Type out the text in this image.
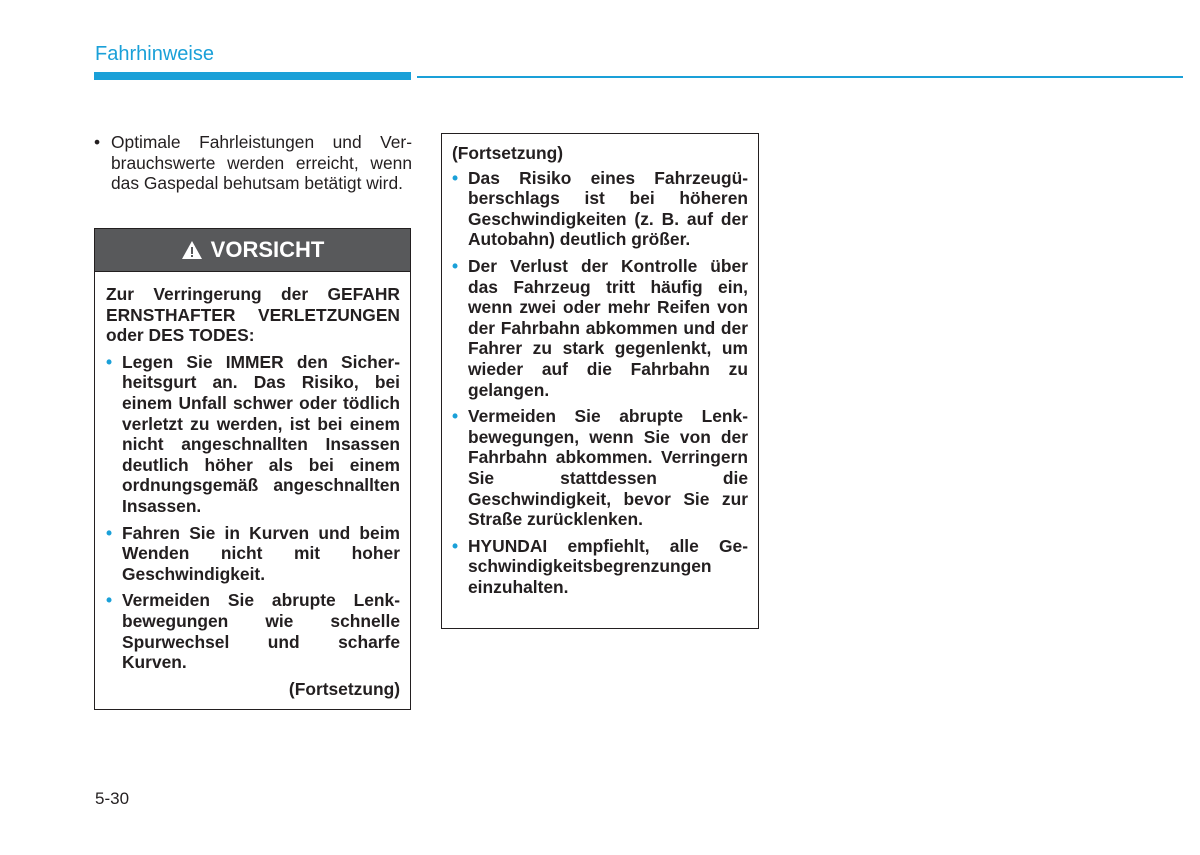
Fahrhinweise
• Optimale Fahrleistungen und Verbrauchswerte werden erreicht, wenn das Gaspedal behutsam betätigt wird.
VORSICHT
Zur Verringerung der GEFAHR ERNSTHAFTER VERLETZUNGEN oder DES TODES:
• Legen Sie IMMER den Sicherheitsgurt an. Das Risiko, bei einem Unfall schwer oder tödlich verletzt zu werden, ist bei einem nicht angeschnallten Insassen deutlich höher als bei einem ordnungsgemäß angeschnallten Insassen.
• Fahren Sie in Kurven und beim Wenden nicht mit hoher Geschwindigkeit.
• Vermeiden Sie abrupte Lenkbewegungen wie schnelle Spurwechsel und scharfe Kurven.
(Fortsetzung)
(Fortsetzung)
• Das Risiko eines Fahrzeugüberschlags ist bei höheren Geschwindigkeiten (z. B. auf der Autobahn) deutlich größer.
• Der Verlust der Kontrolle über das Fahrzeug tritt häufig ein, wenn zwei oder mehr Reifen von der Fahrbahn abkommen und der Fahrer zu stark gegenlenkt, um wieder auf die Fahrbahn zu gelangen.
• Vermeiden Sie abrupte Lenkbewegungen, wenn Sie von der Fahrbahn abkommen. Verringern Sie stattdessen die Geschwindigkeit, bevor Sie zur Straße zurücklenken.
• HYUNDAI empfiehlt, alle Geschwindigkeitsbegrenzungen einzuhalten.
5-30
